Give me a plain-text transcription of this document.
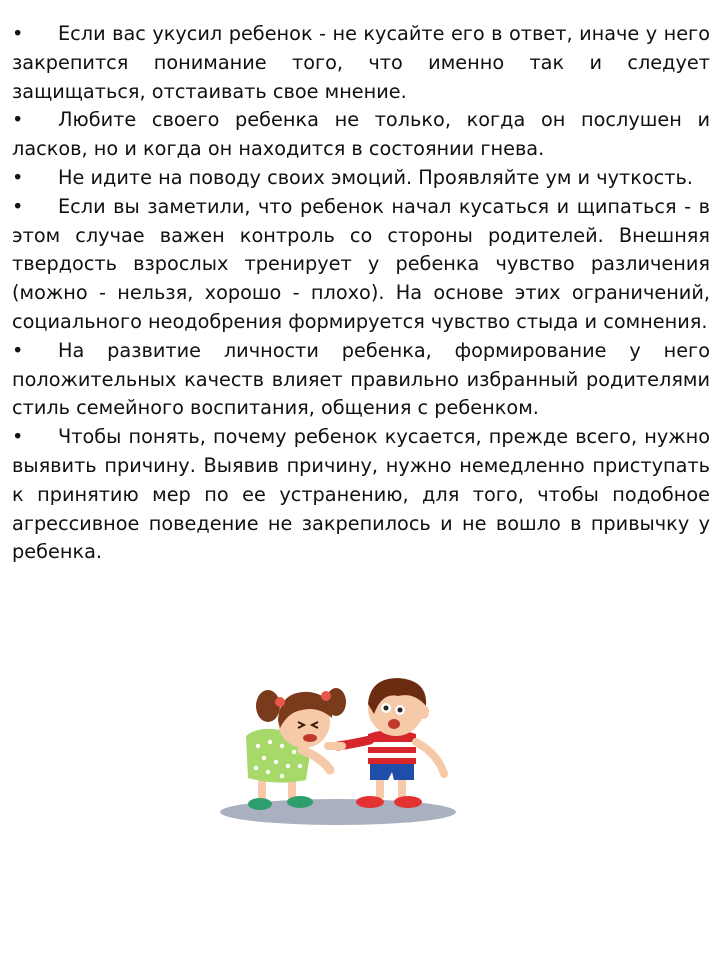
• Если вас укусил ребенок - не кусайте его в ответ, иначе у него закрепится понимание того, что именно так и следует защищаться, отстаивать свое мнение.

• Любите своего ребенка не только, когда он послушен и ласков, но и когда он находится в состоянии гнева.

• Не идите на поводу своих эмоций. Проявляйте ум и чуткость.

• Если вы заметили, что ребенок начал кусаться и щипаться - в этом случае важен контроль со стороны родителей. Внешняя твердость взрослых тренирует у ребенка чувство различения (можно - нельзя, хорошо - плохо). На основе этих ограничений, социального неодобрения формируется чувство стыда и сомнения.

• На развитие личности ребенка, формирование у него положительных качеств влияет правильно избранный родителями стиль семейного воспитания, общения с ребенком.

• Чтобы понять, почему ребенок кусается, прежде всего, нужно выявить причину. Выявив причину, нужно немедленно приступать к принятию мер по ее устранению, для того, чтобы подобное агрессивное поведение не закрепилось и не вошло в привычку у ребенка.
